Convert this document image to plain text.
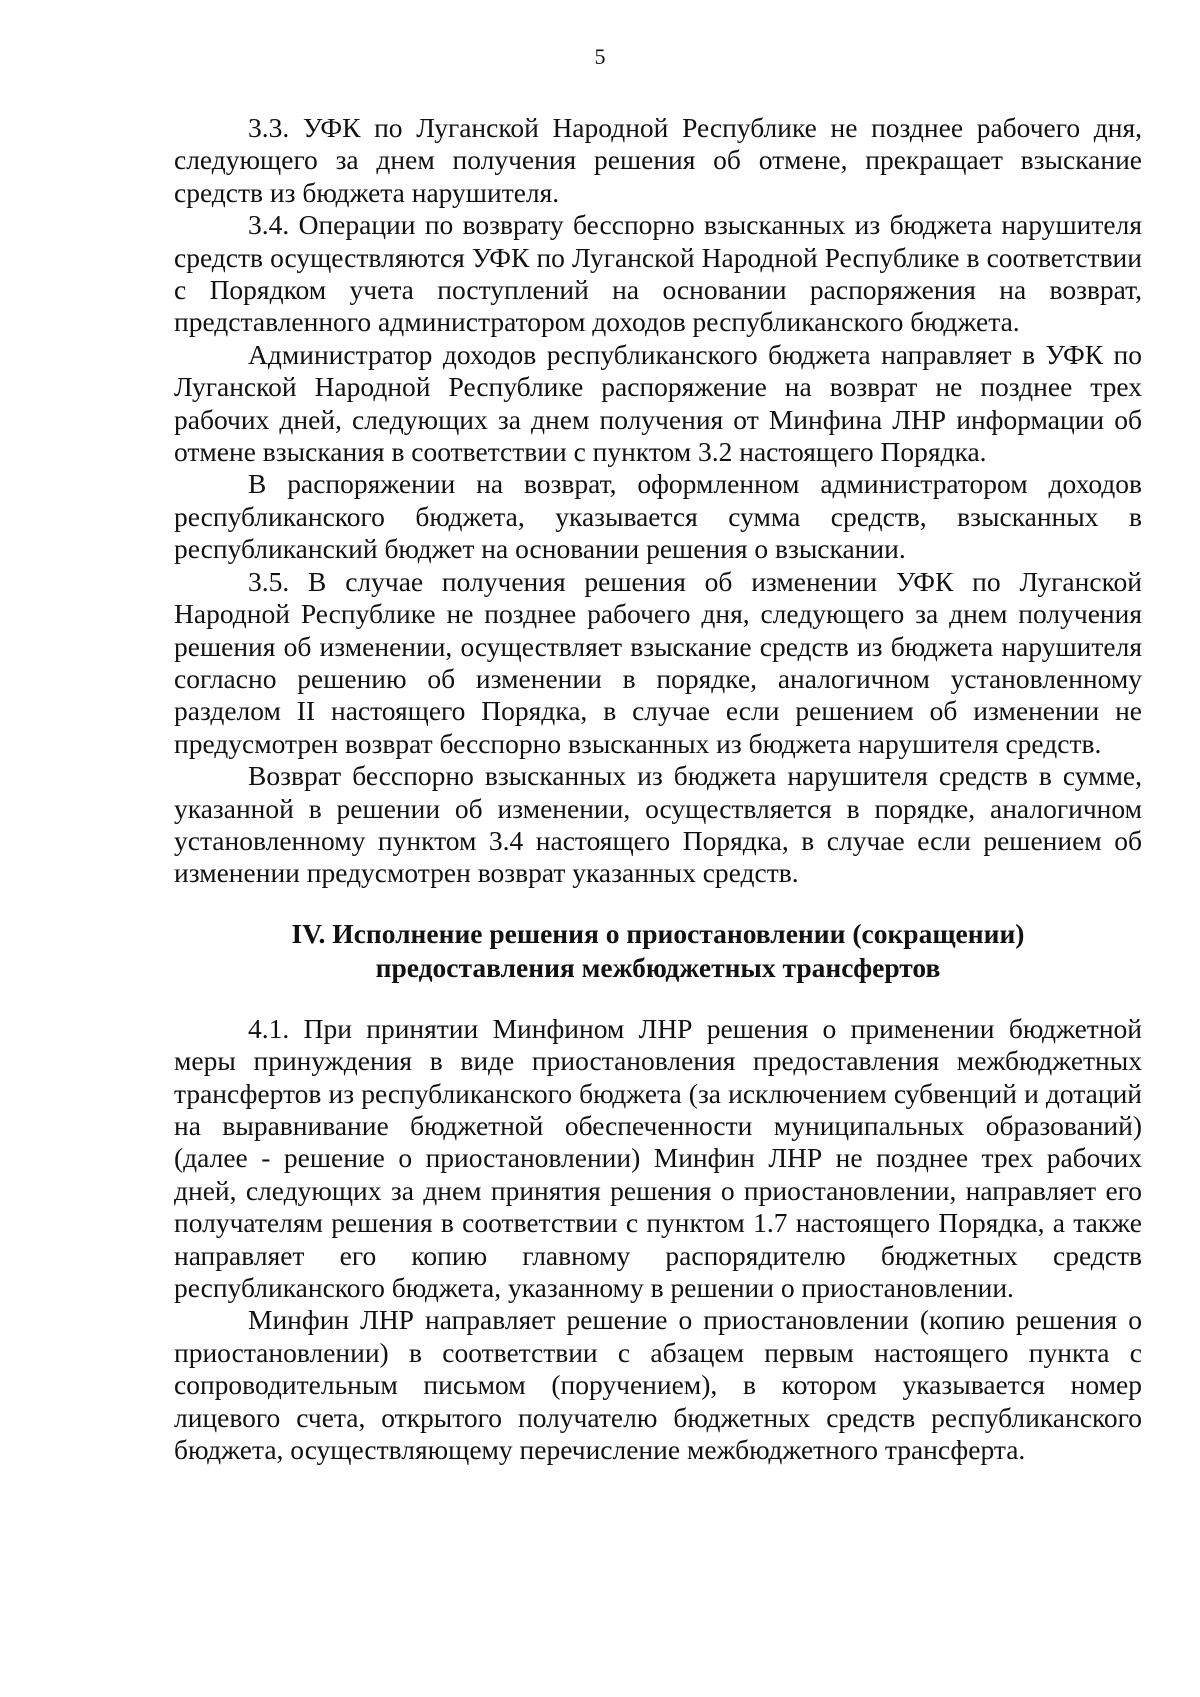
5

3.3. УФК по Луганской Народной Республике не позднее рабочего дня, следующего за днем получения решения об отмене, прекращает взыскание средств из бюджета нарушителя.

3.4. Операции по возврату бесспорно взысканных из бюджета нарушителя средств осуществляются УФК по Луганской Народной Республике в соответствии с Порядком учета поступлений на основании распоряжения на возврат, представленного администратором доходов республиканского бюджета.

Администратор доходов республиканского бюджета направляет в УФК по Луганской Народной Республике распоряжение на возврат не позднее трех рабочих дней, следующих за днем получения от Минфина ЛНР информации об отмене взыскания в соответствии с пунктом 3.2 настоящего Порядка.

В распоряжении на возврат, оформленном администратором доходов республиканского бюджета, указывается сумма средств, взысканных в республиканский бюджет на основании решения о взыскании.

3.5. В случае получения решения об изменении УФК по Луганской Народной Республике не позднее рабочего дня, следующего за днем получения решения об изменении, осуществляет взыскание средств из бюджета нарушителя согласно решению об изменении в порядке, аналогичном установленному разделом II настоящего Порядка, в случае если решением об изменении не предусмотрен возврат бесспорно взысканных из бюджета нарушителя средств.

Возврат бесспорно взысканных из бюджета нарушителя средств в сумме, указанной в решении об изменении, осуществляется в порядке, аналогичном установленному пунктом 3.4 настоящего Порядка, в случае если решением об изменении предусмотрен возврат указанных средств.

IV. Исполнение решения о приостановлении (сокращении)
предоставления межбюджетных трансфертов

4.1. При принятии Минфином ЛНР решения о применении бюджетной меры принуждения в виде приостановления предоставления межбюджетных трансфертов из республиканского бюджета (за исключением субвенций и дотаций на выравнивание бюджетной обеспеченности муниципальных образований) (далее - решение о приостановлении) Минфин ЛНР не позднее трех рабочих дней, следующих за днем принятия решения о приостановлении, направляет его получателям решения в соответствии с пунктом 1.7 настоящего Порядка, а также направляет его копию главному распорядителю бюджетных средств республиканского бюджета, указанному в решении о приостановлении.

Минфин ЛНР направляет решение о приостановлении (копию решения о приостановлении) в соответствии с абзацем первым настоящего пункта с сопроводительным письмом (поручением), в котором указывается номер лицевого счета, открытого получателю бюджетных средств республиканского бюджета, осуществляющему перечисление межбюджетного трансферта.
